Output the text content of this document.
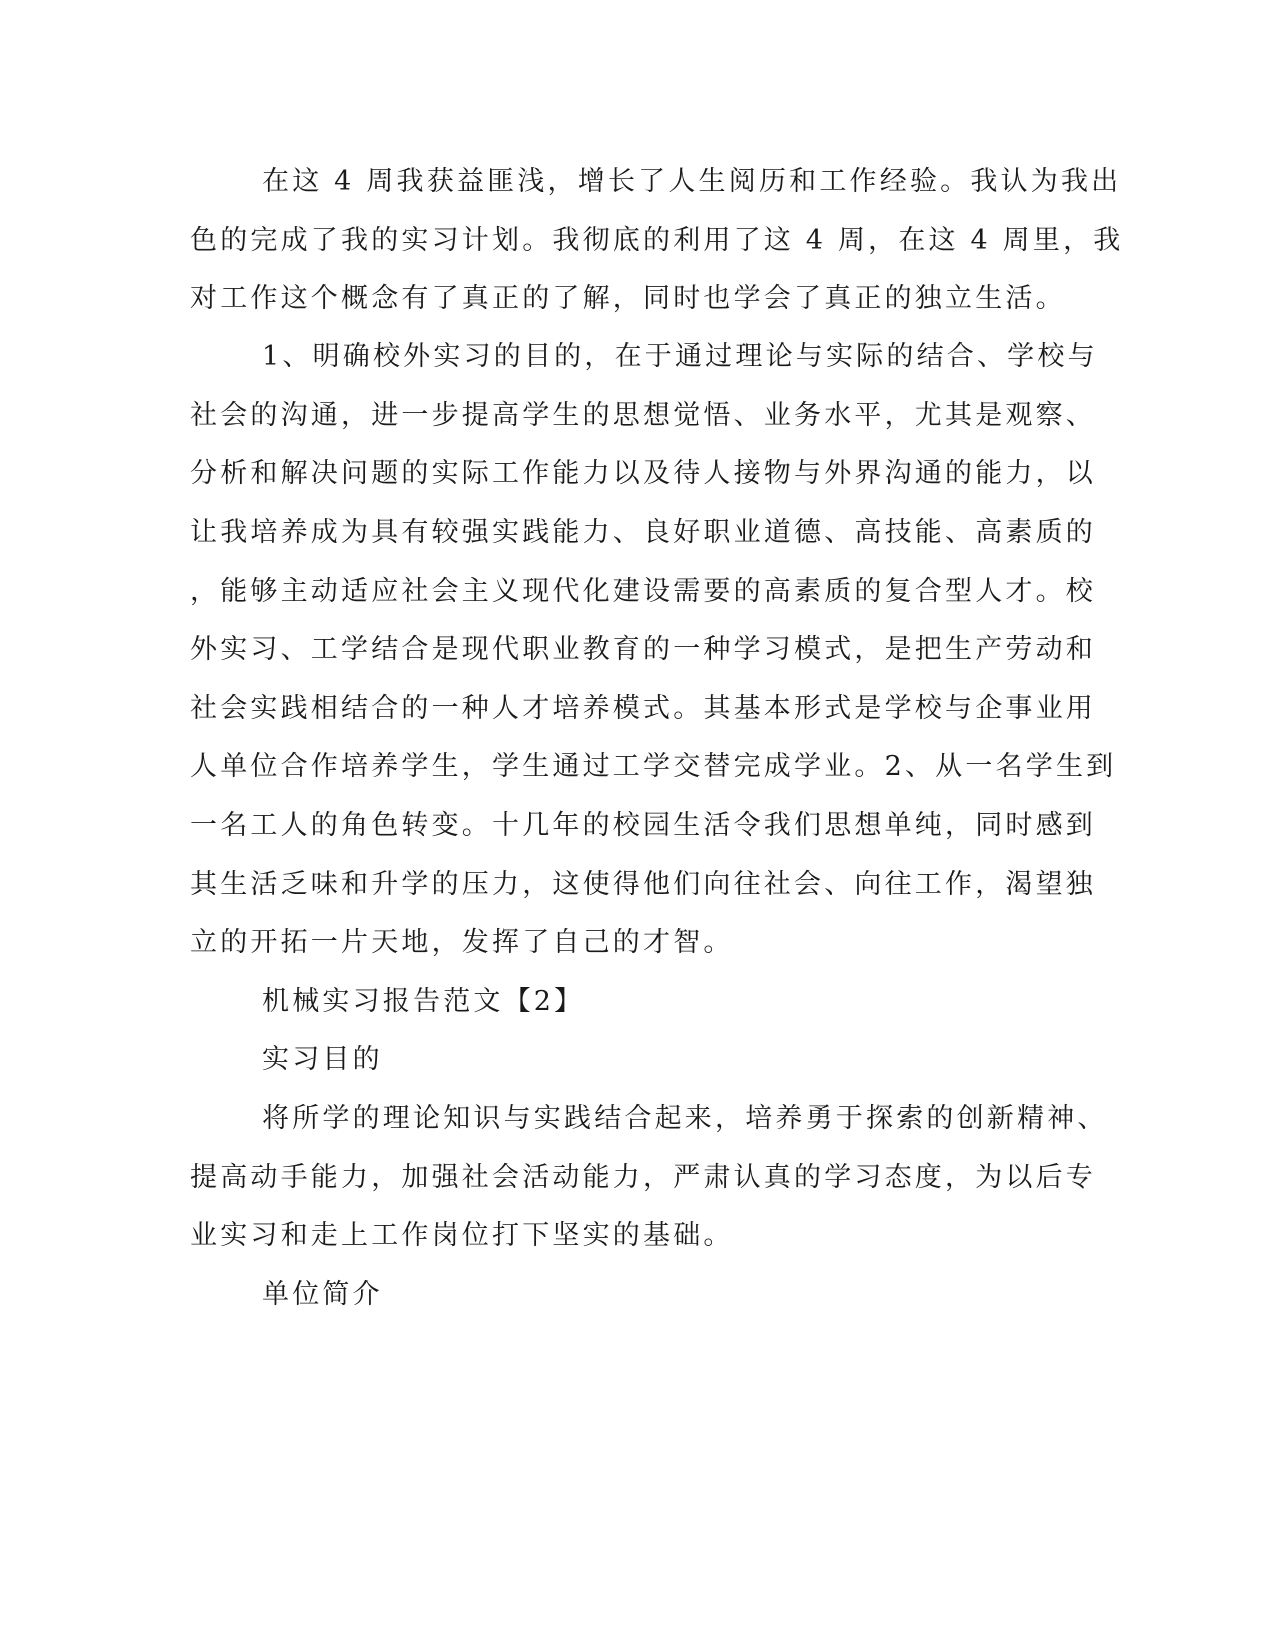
在这 4 周我获益匪浅，增长了人生阅历和工作经验。我认为我出
色的完成了我的实习计划。我彻底的利用了这 4 周，在这 4 周里，我
对工作这个概念有了真正的了解，同时也学会了真正的独立生活。
1、明确校外实习的目的，在于通过理论与实际的结合、学校与
社会的沟通，进一步提高学生的思想觉悟、业务水平，尤其是观察、
分析和解决问题的实际工作能力以及待人接物与外界沟通的能力，以
让我培养成为具有较强实践能力、良好职业道德、高技能、高素质的
，能够主动适应社会主义现代化建设需要的高素质的复合型人才。校
外实习、工学结合是现代职业教育的一种学习模式，是把生产劳动和
社会实践相结合的一种人才培养模式。其基本形式是学校与企事业用
人单位合作培养学生，学生通过工学交替完成学业。2、从一名学生到
一名工人的角色转变。十几年的校园生活令我们思想单纯，同时感到
其生活乏味和升学的压力，这使得他们向往社会、向往工作，渴望独
立的开拓一片天地，发挥了自己的才智。
机械实习报告范文【2】
实习目的
将所学的理论知识与实践结合起来，培养勇于探索的创新精神、
提高动手能力，加强社会活动能力，严肃认真的学习态度，为以后专
业实习和走上工作岗位打下坚实的基础。
单位简介
